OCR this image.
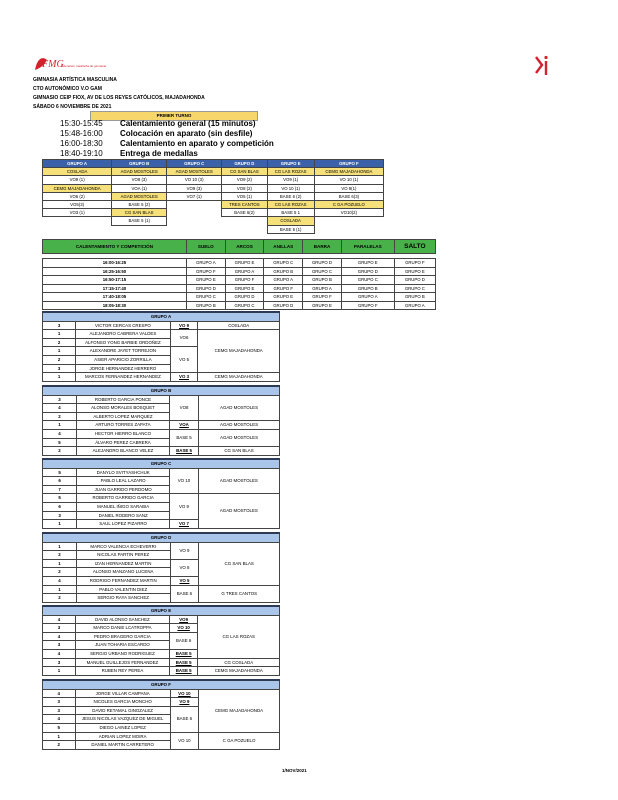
FMG
federación madrileña de gimnasia
GIMNASIA ARTÍSTICA MASCULINA
CTO AUTONÓMICO V.O GAM
GIMNASIO CEIP FIOX, AV DE LOS REYES CATÓLICOS, MAJADAHONDA
SÁBADO 6 NOVIEMBRE DE 2021
PRIMER TURNO
15:30-15:45 Calentamiento general (15 minutos)
15:48-16:00 Colocación en aparato (sin desfile)
16:00-18:30 Calentamiento en aparato y competición
18:40-19:10 Entrega de medallas
GRUPO A	GRUPO B	GRUPO C	GRUPO D	GRUPO E	GRUPO F
COSLADA	AGAD MOSTOLES	AGAD MOSTOLES	CG SAN BLAS	CG LAS ROZAS	CEMG MAJADAHONDA
VO9 (1)	VO8 (3)	VO 10 (3)	VO9 (2)	VO9 (1)	VO 10 (1)
CEMG MAJADAHONDA	VOA (1)	VO9 (3)	VO8 (2)	VO 10 (1)	VO 9(1)
VO6 (2)	AGAD MOSTOLES	VO7 (1)	VO5 (1)	BASE 6 (2)	BASE 6(3)
VO5(3)	BASE 5 (2)		TRES CANTOS	CG LAS ROZAS	C GA POZUELO
VO3 (1)	CG SAN BLAS		BASE 6(2)	BASE 5 1	VO10(2)
	BASE 5 (1)			COSLADA	
				BASE 5 (1)	
CALENTAMIENTO Y COMPETICIÓN	SUELO	ARCOS	ANILLAS	BARRA	PARALELAS	SALTO

16:00-16:25	GRUPO A	GRUPO E	GRUPO C	GRUPO D	GRUPO E	GRUPO F
16:25-16:50	GRUPO F	GRUPO A	GRUPO B	GRUPO C	GRUPO D	GRUPO E
16:50-17:15	GRUPO E	GRUPO F	GRUPO A	GRUPO B	GRUPO C	GRUPO D
17:15-17:40	GRUPO D	GRUPO E	GRUPO F	GRUPO A	GRUPO B	GRUPO C
17:40-18:05	GRUPO C	GRUPO D	GRUPO E	GRUPO F	GRUPO A	GRUPO B
18:05-18:30	GRUPO B	GRUPO C	GRUPO D	GRUPO E	GRUPO F	GRUPO A
GRUPO A			
3	VICTOR CERCAS CRESPO	VO 9	COSLADA
1	ALEJANDRO CABRERA VALDES	VO6	CEMG MAJADAHONDA
2	ALFONSO YONG BARBIE ORDOÑEZ		
1	ALEXANDRE JAYET TORREJON	VO 5	
2	ASIER APARICIO ZORRILLA		
3	JORGE HERNANDEZ HERRERO		
1	MARCOS FERNANDEZ HERNANDEZ	VO 3	CEMG MAJADAHONDA
GRUPO B			
3	ROBERTO GARCIA PONCE	VO8	AGAD MOSTOLES
4	ALONSO MORALES BOSQUET		
2	ALBERTO LOPEZ MARQUEZ		
1	ARTURO TORRES ZAPATA	VOA	AGAD MOSTOLES
4	HECTOR HIERRO BLANCO	BASE 5	AGAD MOSTOLES
5	ÁLVARO PEREZ CABRERA		
2	ALEJANDRO BLANCO VELEZ	BASE 5	CG SAN BLAS
GRUPO C			
5	DANYLO SVITYASHCHUK	VO 10	AGAD MOSTOLES
6	PABLO LEAL LAZARO		
7	JUAN GARRIDO PERDOMO		
5	ROBERTO GARRIDO GARCIA	VO 9	AGAD MOSTOLES
6	MANUEL IÑIGO SARABIA		
3	DANIEL RODERO SANZ		
1	SAUL LOPEZ PIZARRO	VO 7	
GRUPO D			
1	MARCO VALENCIA ECHEVERRI	VO 9	CG SAN BLAS
2	NICOLAS PARTIN PEREZ		
1	IZAN HERNANDEZ MARTIN	VO 8	
2	ALONSO MANZANO LUCENA		
4	RODRIGO FERNANDEZ MARTIN	VO 5	
1	PABLO VALENTIN DIEZ	BASE 6	G TRES CANTOS
2	SERGIO RAYA SANCHEZ		
GRUPO E			
4	DAVID ALONSO SANCHEZ	VO9	CG LAS ROZAS
3	MARCO DANIE LCATROPPA	VO 10	
4	PEDRO BRAGERO GARCIA	BASE 6	
3	JUAN TOHARIA ESCARDO		
4	SERGIO URBANO RODRIGUEZ	BASE 5	
3	MANUEL GUILLEJOS FERNANDEZ	BASE 5	CG COSLADA
1	RUBEN REY PEREA	BASE 5	CEMG MAJADAHONDA
GRUPO F			
4	JORGE VILLAR CAMPANA	VO 10	CEMG MAJADAHONDA
3	NICOLES GARCIA MONCHO	VO 9	
3	DAVID RETAMAL GINOZALEZ	BASE 6	
4	JESUS NICOLAS VAZQUEZ DE MIGUEL		
5	DIEGO LAINEZ LOPEZ		
1	ADRIAN LOPEZ MOIRA	VO 10	C GA POZUELO
2	DANIEL MARTIN CARRETERO		
1/NOV/2021
